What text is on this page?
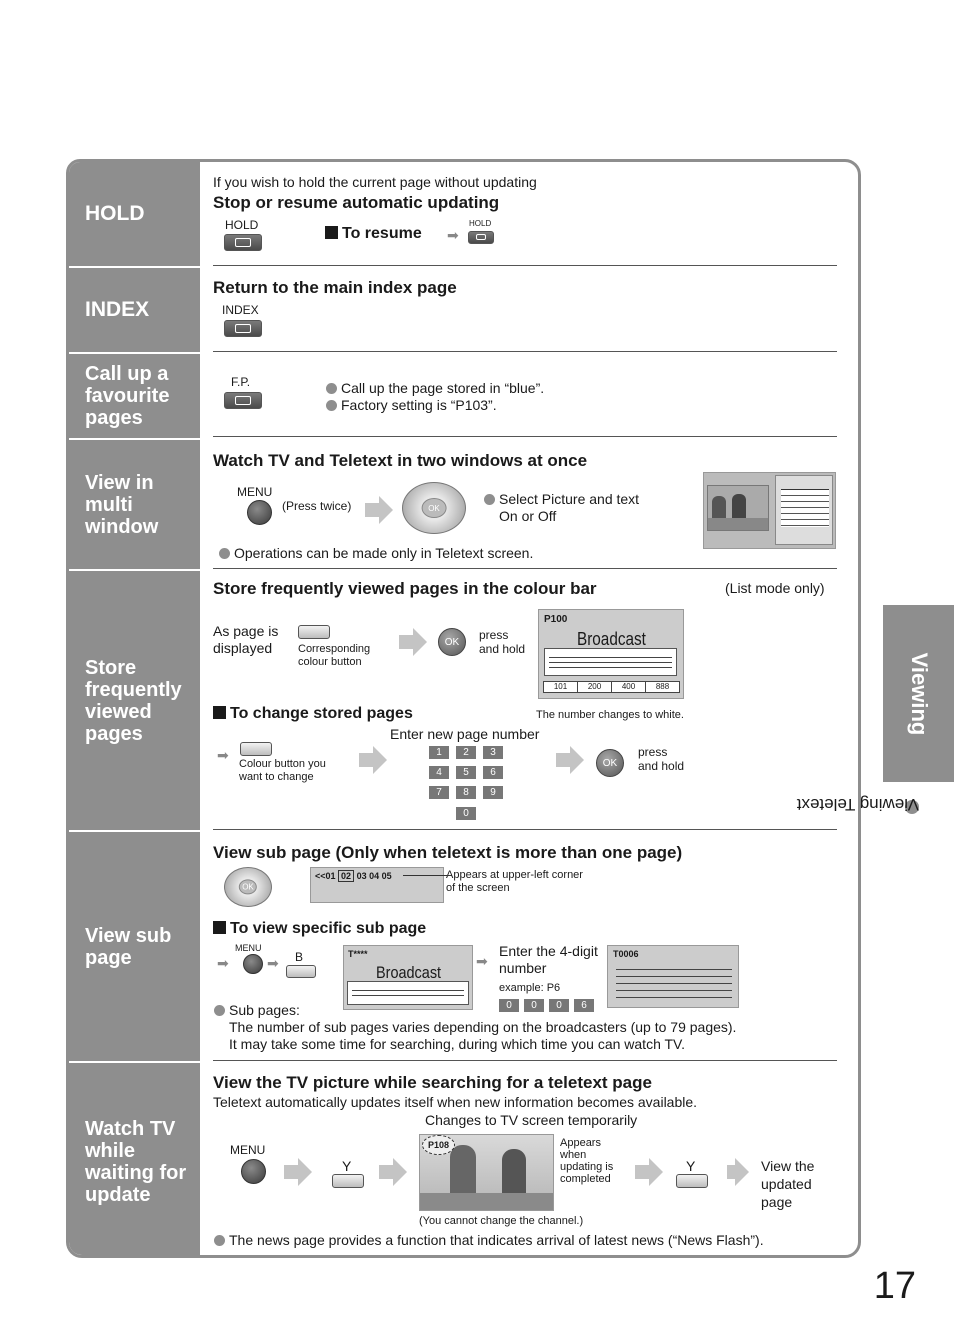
HOLD
INDEX
Call up a favourite pages
View in multi window
Store frequently viewed pages
View sub page
Watch TV while waiting for update
If you wish to hold the current page without updating
Stop or resume automatic updating
HOLD	To resume ➡
HOLD
Return to the main index page
INDEX
F.P.	Call up the page stored in “blue”.
Factory setting is “P103”.
Watch TV and Teletext in two windows at once
MENU
(Press twice)	OK
Select Picture and text
On or Off
Operations can be made only in Teletext screen.
Store frequently viewed pages in the colour bar	(List mode only)
As page is displayed	Corresponding colour button
OK	press and hold
P100
Broadcast
101	200	400	888
The number changes to white.
To change stored pages
Enter new page number
➡
Colour button you want to change
1	2	3
4	5	6
7	8	9
0
OK
press and hold
View sub page (Only when teletext is more than one page)
OK
<<01 02 03 04 05	Appears at upper-left corner of the screen
To view specific sub page
➡
MENU
➡ B	T****
Broadcast
➡
Enter the 4-digit number
example: P6
0	0	0	6
T0006
Sub pages:
The number of sub pages varies depending on the broadcasters (up to 79 pages).
It may take some time for searching, during which time you can watch TV.
View the TV picture while searching for a teletext page
Teletext automatically updates itself when new information becomes available.
Changes to TV screen temporarily
MENU
Y
P108	Appears when updating is completed
(You cannot change the channel.)
Y	View the updated page
The news page provides a function that indicates arrival of latest news (“News Flash”).
Viewing
Viewing Teletext
17
